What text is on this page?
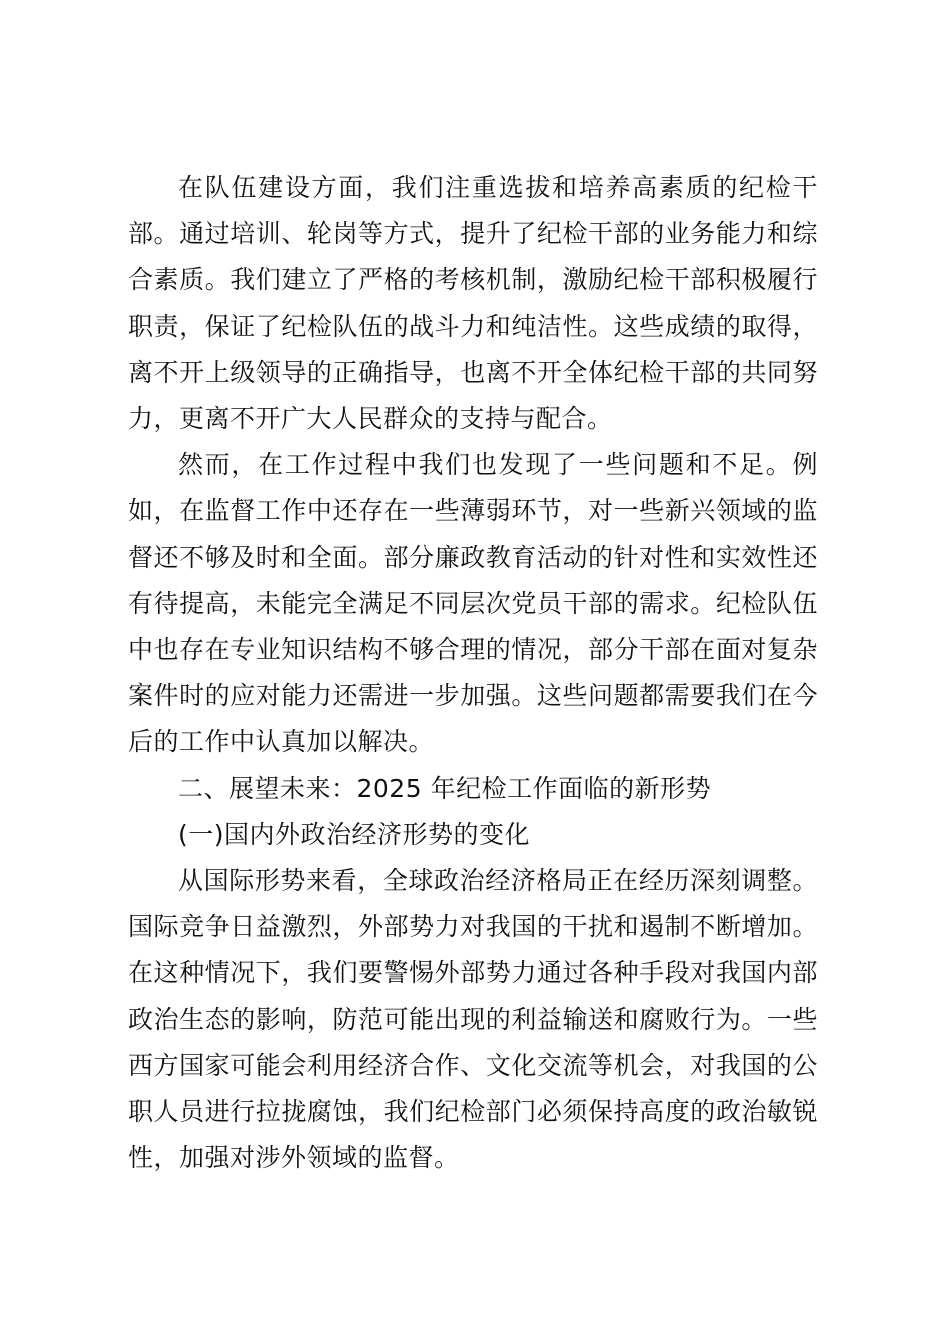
在队伍建设方面，我们注重选拔和培养高素质的纪检干部。通过培训、轮岗等方式，提升了纪检干部的业务能力和综合素质。我们建立了严格的考核机制，激励纪检干部积极履行职责，保证了纪检队伍的战斗力和纯洁性。这些成绩的取得，离不开上级领导的正确指导，也离不开全体纪检干部的共同努力，更离不开广大人民群众的支持与配合。

然而，在工作过程中我们也发现了一些问题和不足。例如，在监督工作中还存在一些薄弱环节，对一些新兴领域的监督还不够及时和全面。部分廉政教育活动的针对性和实效性还有待提高，未能完全满足不同层次党员干部的需求。纪检队伍中也存在专业知识结构不够合理的情况，部分干部在面对复杂案件时的应对能力还需进一步加强。这些问题都需要我们在今后的工作中认真加以解决。

二、展望未来：2025 年纪检工作面临的新形势

(一)国内外政治经济形势的变化

从国际形势来看，全球政治经济格局正在经历深刻调整。国际竞争日益激烈，外部势力对我国的干扰和遏制不断增加。在这种情况下，我们要警惕外部势力通过各种手段对我国内部政治生态的影响，防范可能出现的利益输送和腐败行为。一些西方国家可能会利用经济合作、文化交流等机会，对我国的公职人员进行拉拢腐蚀，我们纪检部门必须保持高度的政治敏锐性，加强对涉外领域的监督。
